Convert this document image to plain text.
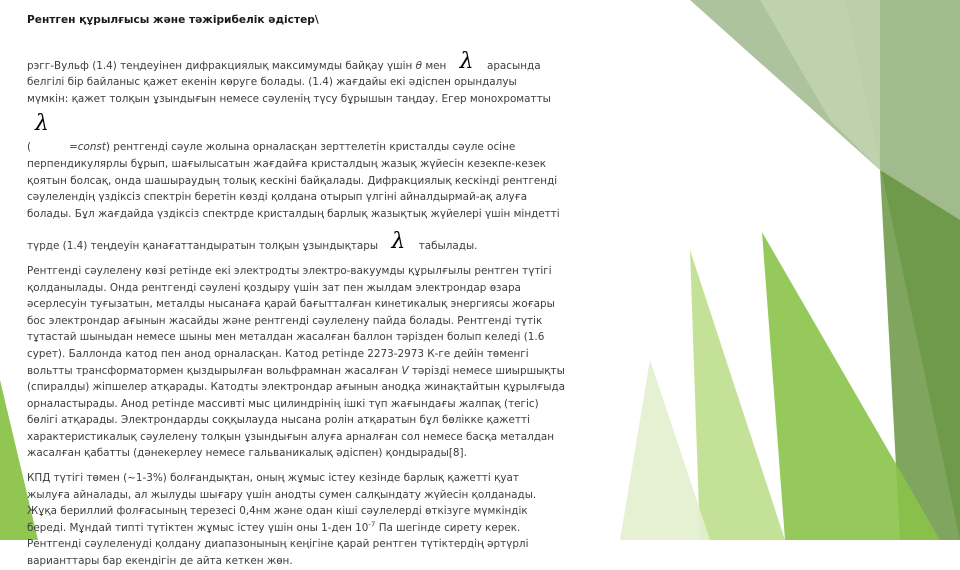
Рентген құрылғысы және тәжірибелік әдістер\
рэгг-Вульф (1.4) теңдеуінен дифракциялық максимумды байқау үшін θ мен λ арасында
белгілі бір байланыс қажет екенін көруге болады. (1.4) жағдайы екі әдіспен орындалуы
мүмкін: қажет толқын ұзындығын немесе сәуленің түсу бұрышын таңдау. Егер монохроматты
λ
(	=const) рентгенді сәуле жолына орналасқан зерттелетін кристалды сәуле осіне
перпендикулярлы бұрып, шағылысатын жағдайға кристалдың жазық жүйесін кезекпе-кезек
қоятын болсақ, онда шашыраудың толық кескіні байқалады. Дифракциялық кескінді рентгенді
сәулелендің үздіксіз спектрін беретін көзді қолдана отырып үлгіні айналдырмай-ақ алуға
болады. Бұл жағдайда үздіксіз спектрде кристалдың барлық жазықтық жүйелері үшін міндетті
түрде (1.4) теңдеуін қанағаттандыратын толқын ұзындықтары λ табылады.
Рентгенді сәулелену көзі ретінде екі электродты электро-вакуумды құрылғылы рентген түтігі
қолданылады. Онда рентгенді сәулені қоздыру үшін зат пен жылдам электрондар өзара
әсерлесуін туғызатын, металды нысанаға қарай бағытталған кинетикалық энергиясы жоғары
бос электрондар ағынын жасайды және рентгенді сәулелену пайда болады. Рентгенді түтік
тұтастай шыныдан немесе шыны мен металдан жасалған баллон тәрізден болып келеді (1.6
сурет). Баллонда катод пен анод орналасқан. Катод ретінде 2273-2973 К-ге дейін төменгі
вольтты трансформатормен қыздырылған вольфрамнан жасалған V тәрізді немесе шиыршықты
(спиралды) жіпшелер атқарады. Катодты электрондар ағынын анодқа жинақтайтын құрылғыда
орналастырады. Анод ретінде массивті мыс цилиндрінің ішкі түп жағындағы жалпақ (тегіс)
бөлігі атқарады. Электрондарды соққылауда нысана ролін атқаратын бұл бөлікке қажетті
характеристикалық сәулелену толқын ұзындығын алуға арналған сол немесе басқа металдан
жасалған қабатты (дәнекерлеу немесе гальваникалық әдіспен) қондырады[8].
КПД түтігі төмен (~1-3%) болғандықтан, оның жұмыс істеу кезінде барлық қажетті қуат
жылуға айналады, ал жылуды шығару үшін анодты сумен салқындату жүйесін қолданады.
Жұқа бериллий фолғасының терезесі 0,4нм және одан кіші сәулелерді өткізуге мүмкіндік
береді. Мұндай типті түтіктен жұмыс істеу үшін оны 1-ден $10^{-7}$ Па шегінде сирету керек.
Рентгенді сәулеленуді қолдану диапазонының кеңігіне қарай рентген түтіктердің әртүрлі
варианттары бар екендігін де айта кеткен жөн.
